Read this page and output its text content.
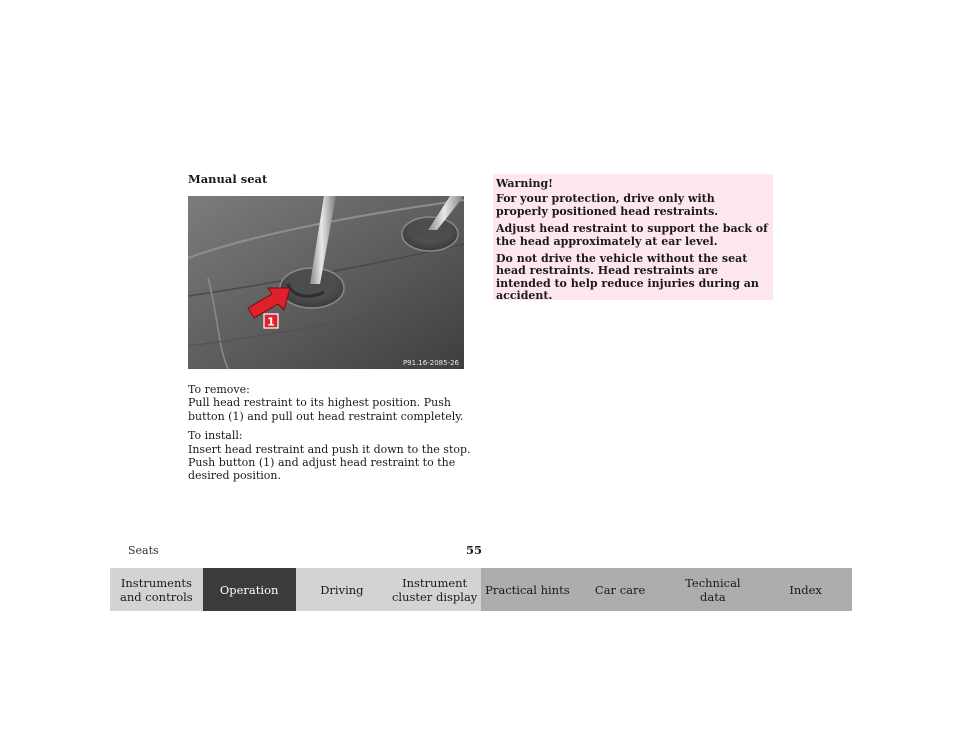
Manual seat
1
P91.16-2085-26

To remove:
Pull head restraint to its highest position. Push button (1) and pull out head restraint completely.

To install:
Insert head restraint and push it down to the stop. Push button (1) and adjust head restraint to the desired position.

Warning!

For your protection, drive only with properly positioned head restraints.

Adjust head restraint to support the back of the head approximately at ear level.

Do not drive the vehicle without the seat head restraints. Head restraints are intended to help reduce injuries during an accident.

Seats	55
Instruments
and controls Operation	Driving	Instrument
cluster display Practical hints Car care	Technical
data	Index
